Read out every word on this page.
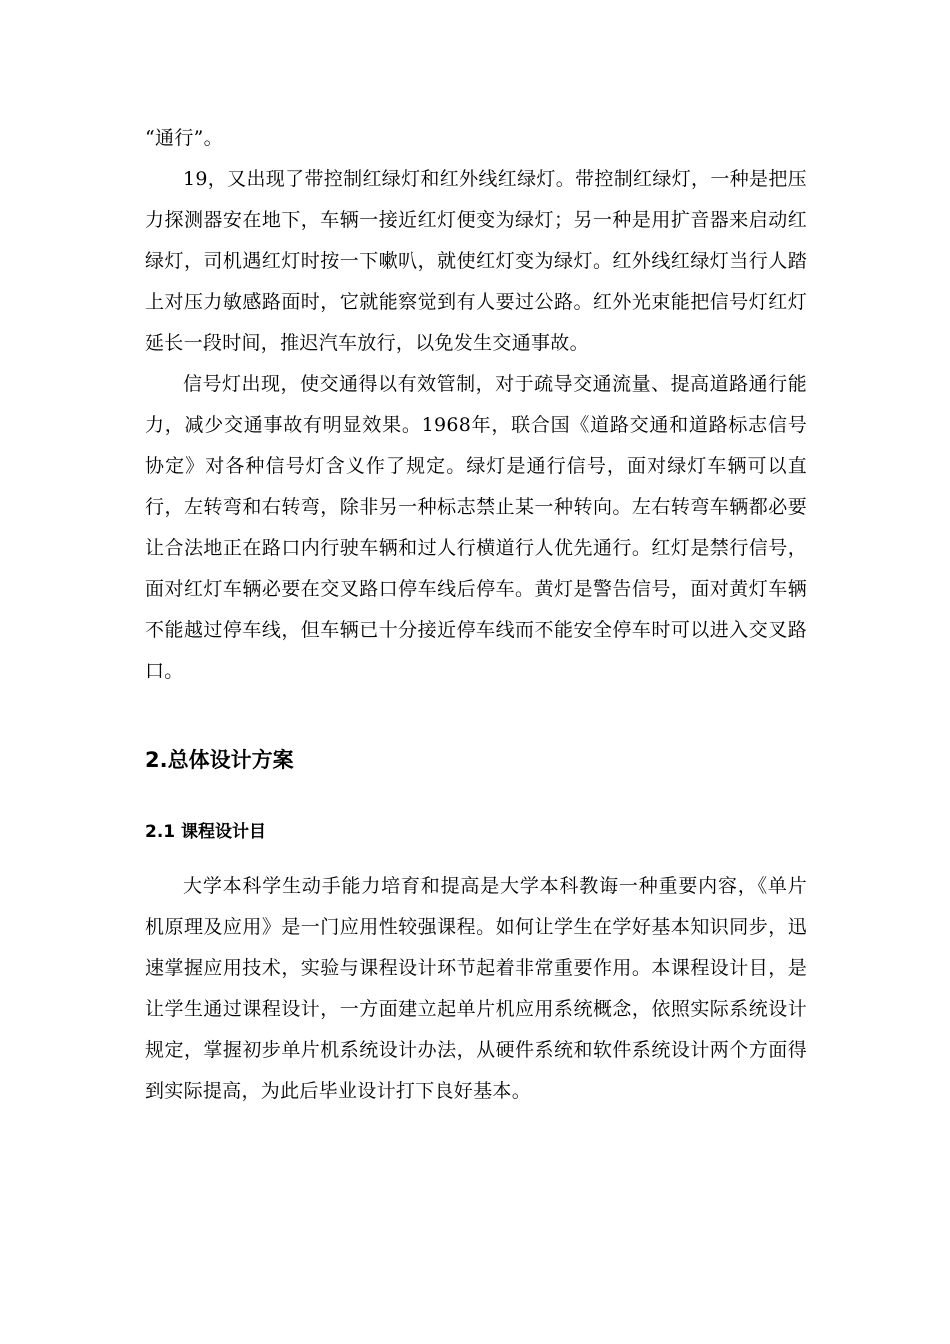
“通行”。

19，又出现了带控制红绿灯和红外线红绿灯。带控制红绿灯，一种是把压力探测器安在地下，车辆一接近红灯便变为绿灯；另一种是用扩音器来启动红绿灯，司机遇红灯时按一下嗽叭，就使红灯变为绿灯。红外线红绿灯当行人踏上对压力敏感路面时，它就能察觉到有人要过公路。红外光束能把信号灯红灯延长一段时间，推迟汽车放行，以免发生交通事故。

信号灯出现，使交通得以有效管制，对于疏导交通流量、提高道路通行能力，减少交通事故有明显效果。1968年，联合国《道路交通和道路标志信号协定》对各种信号灯含义作了规定。绿灯是通行信号，面对绿灯车辆可以直行，左转弯和右转弯，除非另一种标志禁止某一种转向。左右转弯车辆都必要让合法地正在路口内行驶车辆和过人行横道行人优先通行。红灯是禁行信号，面对红灯车辆必要在交叉路口停车线后停车。黄灯是警告信号，面对黄灯车辆不能越过停车线，但车辆已十分接近停车线而不能安全停车时可以进入交叉路口。

2.总体设计方案
2.1 课程设计目

大学本科学生动手能力培育和提高是大学本科教诲一种重要内容，《单片机原理及应用》是一门应用性较强课程。如何让学生在学好基本知识同步，迅速掌握应用技术，实验与课程设计环节起着非常重要作用。本课程设计目，是让学生通过课程设计，一方面建立起单片机应用系统概念，依照实际系统设计规定，掌握初步单片机系统设计办法，从硬件系统和软件系统设计两个方面得到实际提高，为此后毕业设计打下良好基本。
